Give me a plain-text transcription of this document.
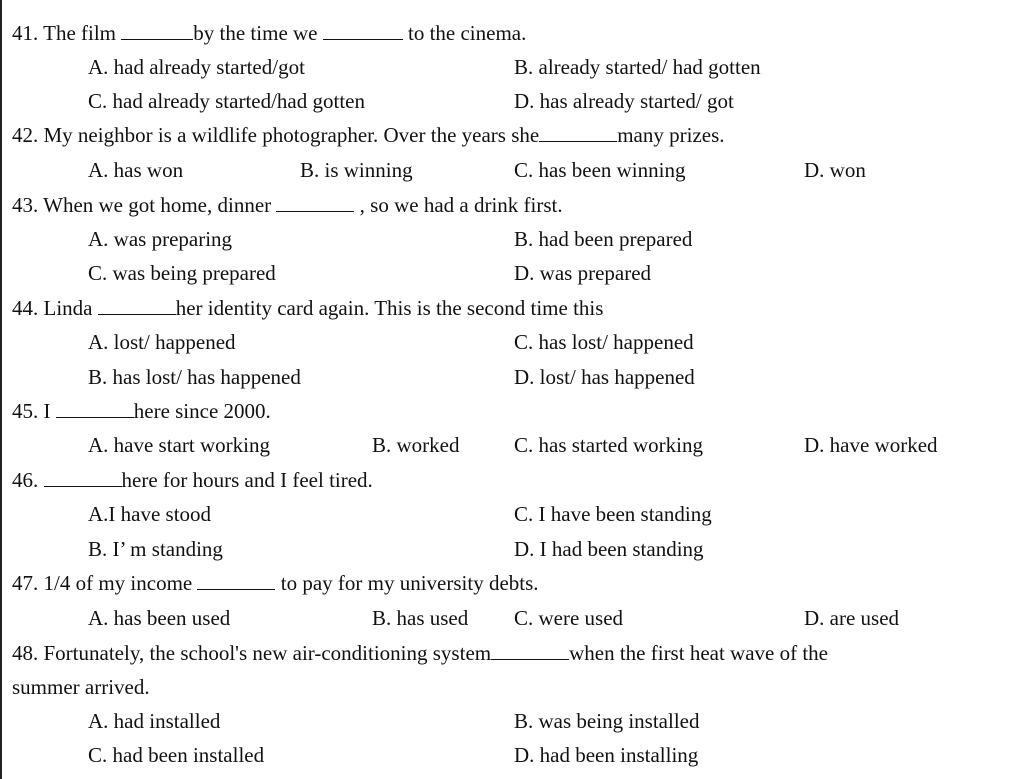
41. The film	by the time we	to the cinema.
A. had already started/got	B. already started/ had gotten
C. had already started/had gotten	D. has already started/ got
42. My neighbor is a wildlife photographer. Over the years she	many prizes.
A. has won	B. is winning	C. has been winning	D. won
43. When we got home, dinner	, so we had a drink first.
A. was preparing	B. had been prepared
C. was being prepared	D. was prepared
44. Linda	her identity card again. This is the second time this
A. lost/ happened	C. has lost/ happened
B. has lost/ has happened	D. lost/ has happened
45. I	here since 2000.
A. have start working	B. worked	C. has started working	D. have worked
46.	here for hours and I feel tired.
A.I have stood	C. I have been standing
B. I’ m standing	D. I had been standing
47. 1/4 of my income	to pay for my university debts.
A. has been used	B. has used C. were used	D. are used
48. Fortunately, the school's new air-conditioning system	when the first heat wave of the
summer arrived.
A. had installed	B. was being installed
C. had been installed	D. had been installing
